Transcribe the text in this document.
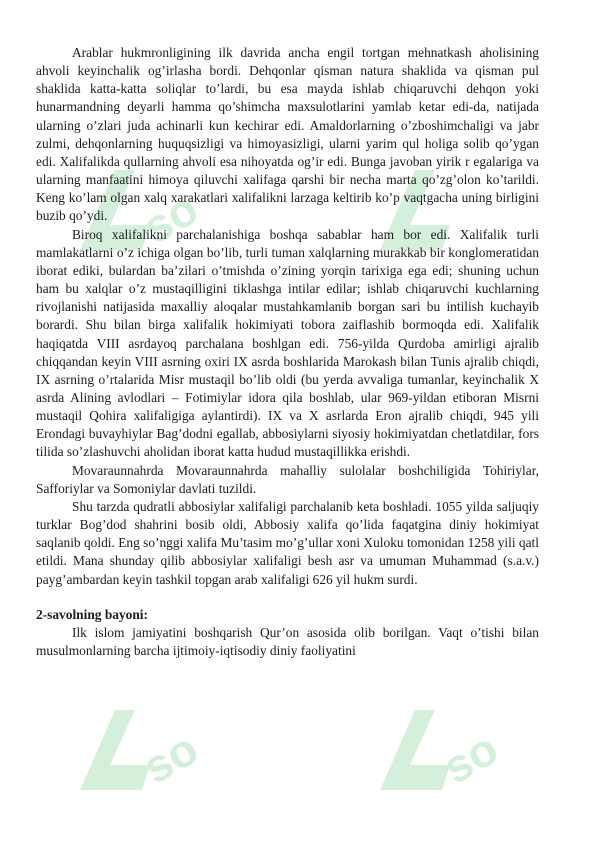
so
so	so

Arablar hukmronligining ilk davrida ancha engil tortgan mehnatkash aholisining ahvoli keyinchalik og’irlasha bordi. Dehqonlar qisman natura shaklida va qisman pul shaklida katta-katta soliqlar to’lardi, bu esa mayda ishlab chiqaruvchi dehqon yoki hunarmandning deyarli hamma qo’shimcha maxsulotlarini yamlab ketar edi-da, natijada ularning o’zlari juda achinarli kun kechirar edi. Amaldorlarning o’zboshimchaligi va jabr zulmi, dehqonlarning huquqsizligi va himoyasizligi, ularni yarim qul holiga solib qo’ygan edi. Xalifalikda qullarning ahvoli esa nihoyatda og’ir edi. Bunga javoban yirik r egalariga va ularning manfaatini himoya qiluvchi xalifaga qarshi bir necha marta qo’zg’olon ko’tarildi. Keng ko’lam olgan xalq xarakatlari xalifalikni larzaga keltirib ko’p vaqtgacha uning birligini buzib qo’ydi.

Biroq xalifalikni parchalanishiga boshqa sabablar ham bor edi. Xalifalik turli mamlakatlarni o’z ichiga olgan bo’lib, turli tuman xalqlarning murakkab bir konglomeratidan iborat ediki, bulardan ba’zilari o’tmishda o’zining yorqin tarixiga ega edi; shuning uchun ham bu xalqlar o’z mustaqilligini tiklashga intilar edilar; ishlab chiqaruvchi kuchlarning rivojlanishi natijasida maxalliy aloqalar mustahkamlanib borgan sari bu intilish kuchayib borardi. Shu bilan birga xalifalik hokimiyati tobora zaiflashib bormoqda edi. Xalifalik haqiqatda VIII asrdayoq parchalana boshlgan edi. 756-yilda Qurdoba amirligi ajralib chiqqandan keyin VIII asrning oxiri IX asrda boshlarida Marokash bilan Tunis ajralib chiqdi, IX asrning o’rtalarida Misr mustaqil bo’lib oldi (bu yerda avvaliga tumanlar, keyinchalik X asrda Alining avlodlari – Fotimiylar idora qila boshlab, ular 969-yildan etiboran Misrni mustaqil Qohira xalifaligiga aylantirdi). IX va X asrlarda Eron ajralib chiqdi, 945 yili Erondagi buvayhiylar Bag’dodni egallab, abbosiylarni siyosiy hokimiyatdan chetlatdilar, fors tilida so’zlashuvchi aholidan iborat katta hudud mustaqillikka erishdi.

Movaraunnahrda Movaraunnahrda mahalliy sulolalar boshchiligida Tohiriylar, Safforiylar va Somoniylar davlati tuzildi.

Shu tarzda qudratli abbosiylar xalifaligi parchalanib keta boshladi. 1055 yilda saljuqiy turklar Bog’dod shahrini bosib oldi, Abbosiy xalifa qo’lida faqatgina diniy hokimiyat saqlanib qoldi. Eng so’nggi xalifa Mu’tasim mo’g’ullar xoni Xuloku tomonidan 1258 yili qatl etildi. Mana shunday qilib abbosiylar xalifaligi besh asr va umuman Muhammad (s.a.v.) payg’ambardan keyin tashkil topgan arab xalifaligi 626 yil hukm surdi.

2-savolning bayoni:

Ilk islom jamiyatini boshqarish Qur’on asosida olib borilgan. Vaqt o’tishi bilan musulmonlarning barcha ijtimoiy-iqtisodiy diniy faoliyatini
